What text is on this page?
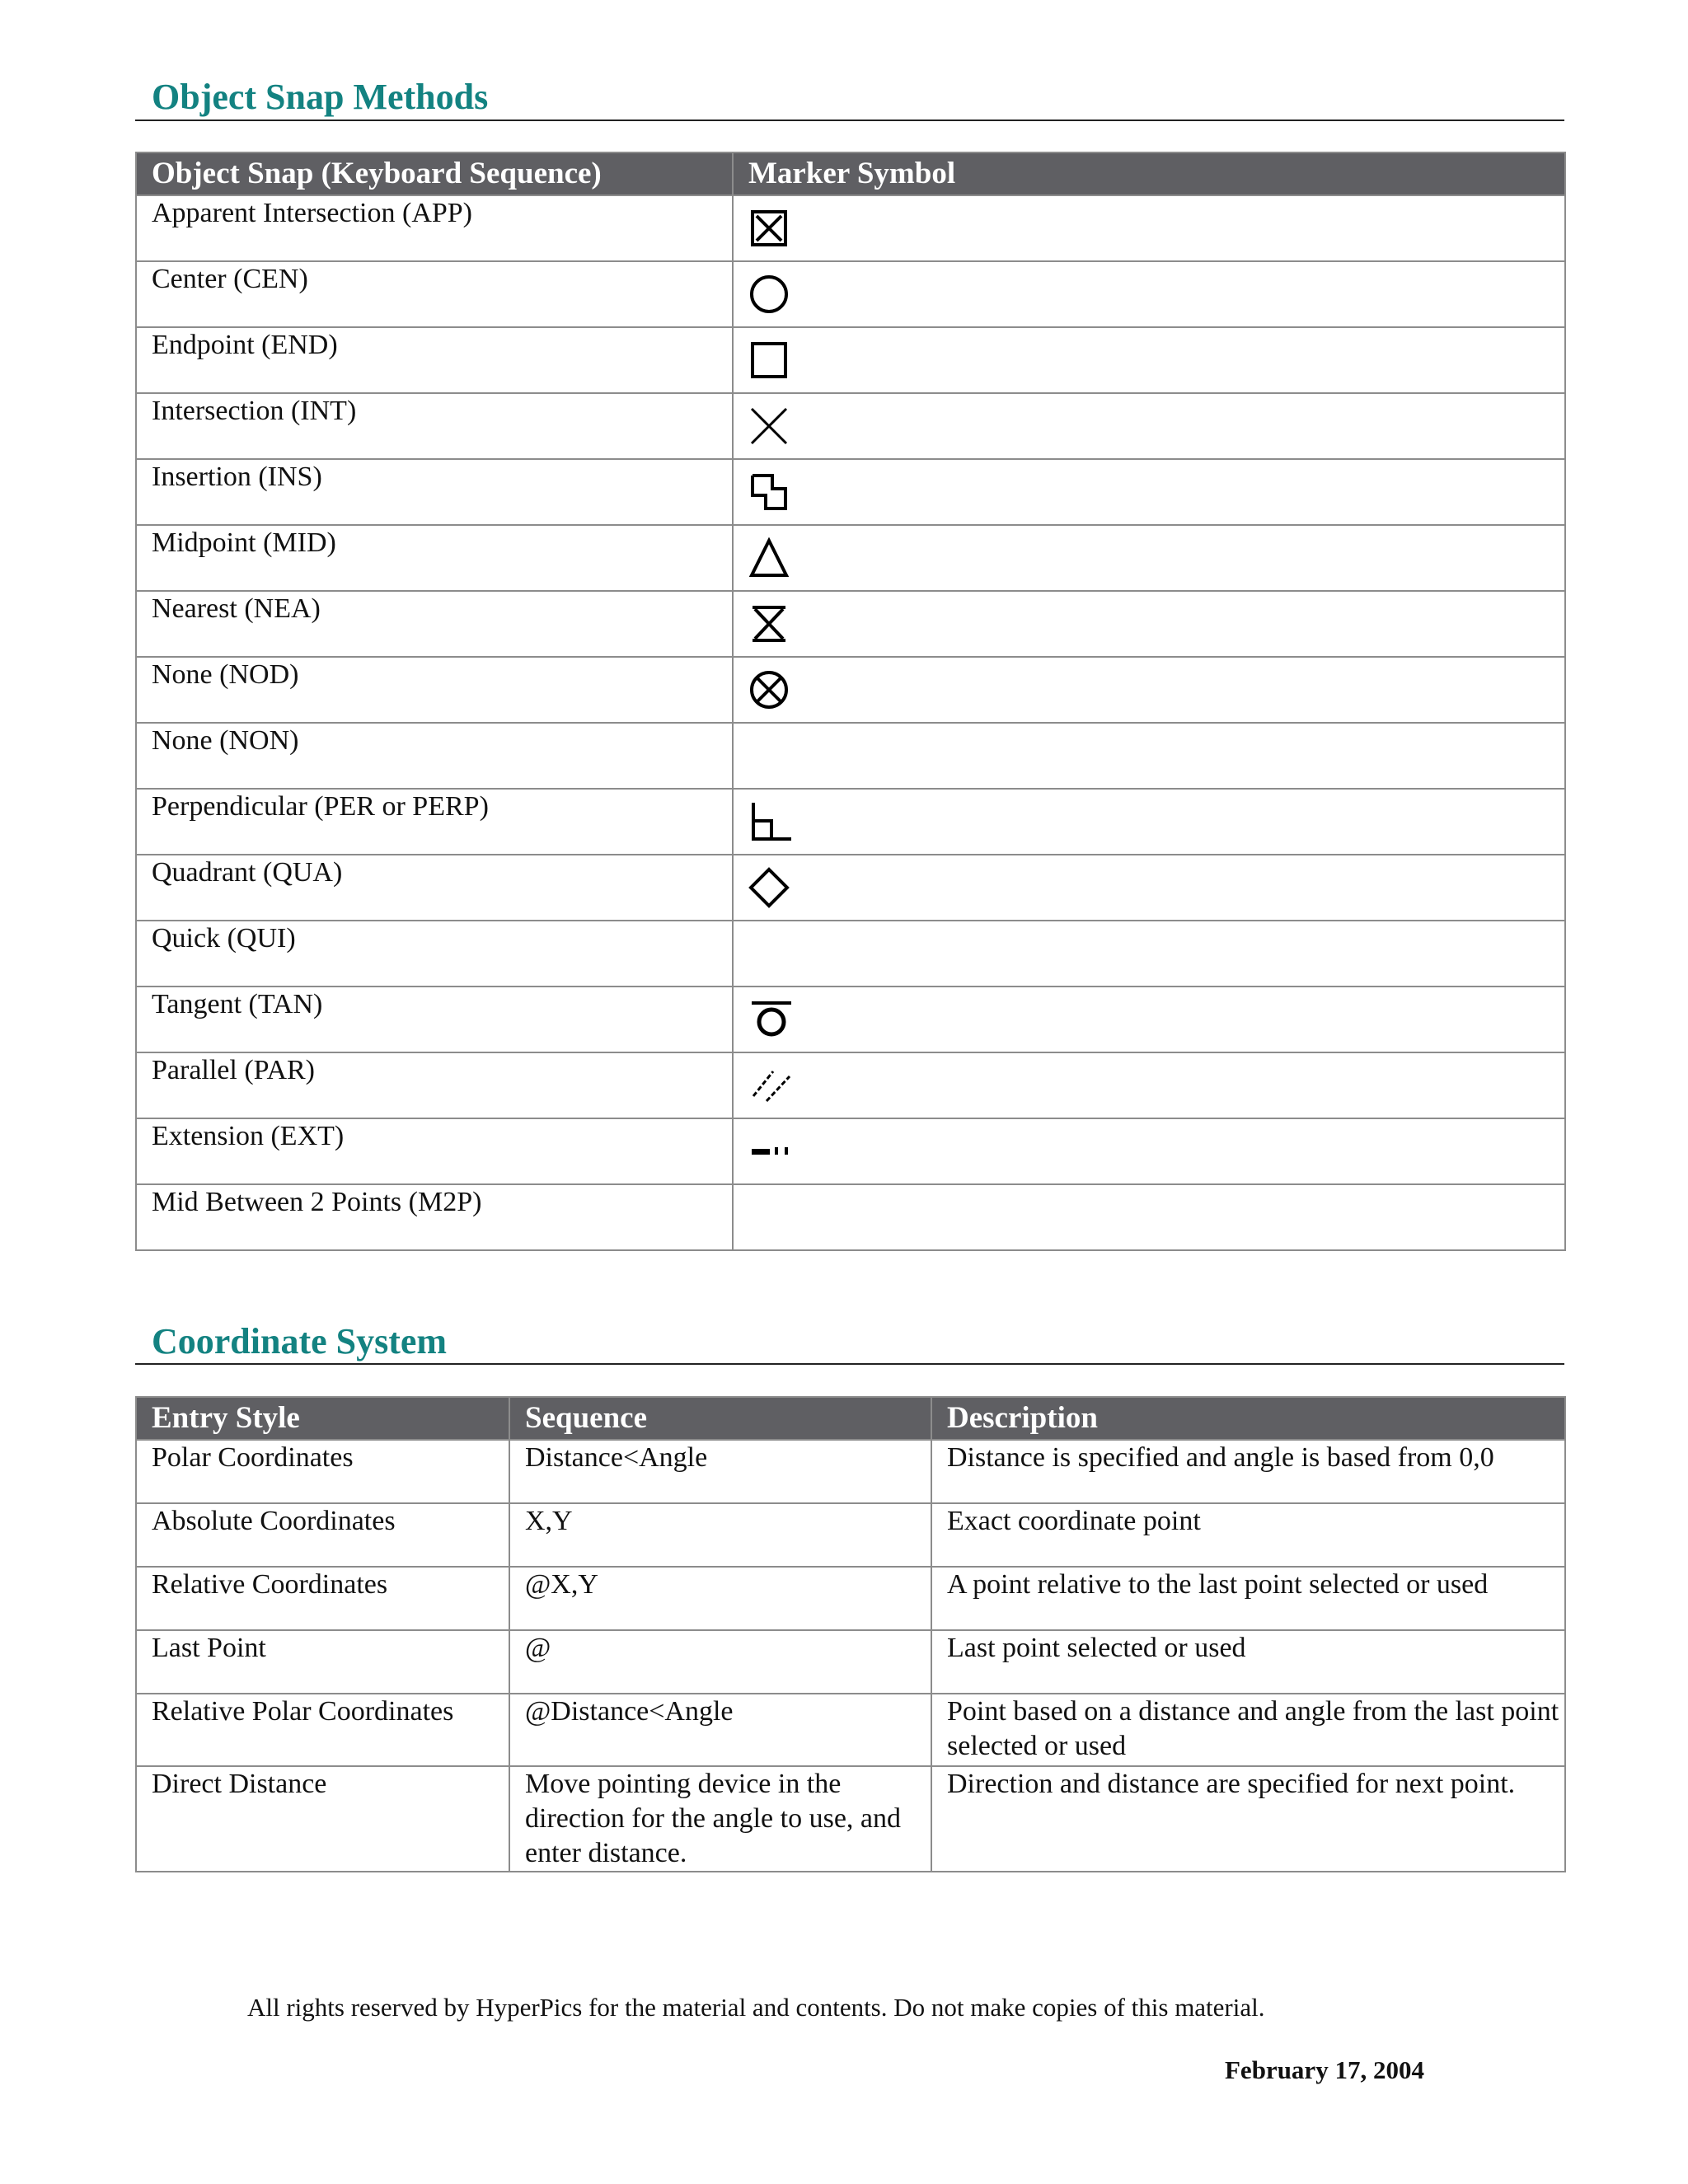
Object Snap Methods
Object Snap (Keyboard Sequence)	Marker Symbol
Apparent Intersection (APP)	

Center (CEN)	

Endpoint (END)	

Intersection (INT)	

Insertion (INS)	

Midpoint (MID)	

Nearest (NEA)	

None (NOD)	

None (NON)	
Perpendicular (PER or PERP)	

Quadrant (QUA)	

Quick (QUI)	
Tangent (TAN)	

Parallel (PAR)	

Extension (EXT)	

Mid Between 2 Points (M2P)	
Coordinate System
Entry Style	Sequence	Description
Polar Coordinates	Distance<Angle	Distance is specified and angle is based from 0,0
Absolute Coordinates	X,Y	Exact coordinate point
Relative Coordinates	@X,Y	A point relative to the last point selected or used
Last Point	@	Last point selected or used
Relative Polar Coordinates	@Distance<Angle	Point based on a distance and angle from the last point selected or used
Direct Distance	Move pointing device in the direction for the angle to use, and enter distance.	Direction and distance are specified for next point.
All rights reserved by HyperPics for the material and contents. Do not make copies of this material.
February 17, 2004
